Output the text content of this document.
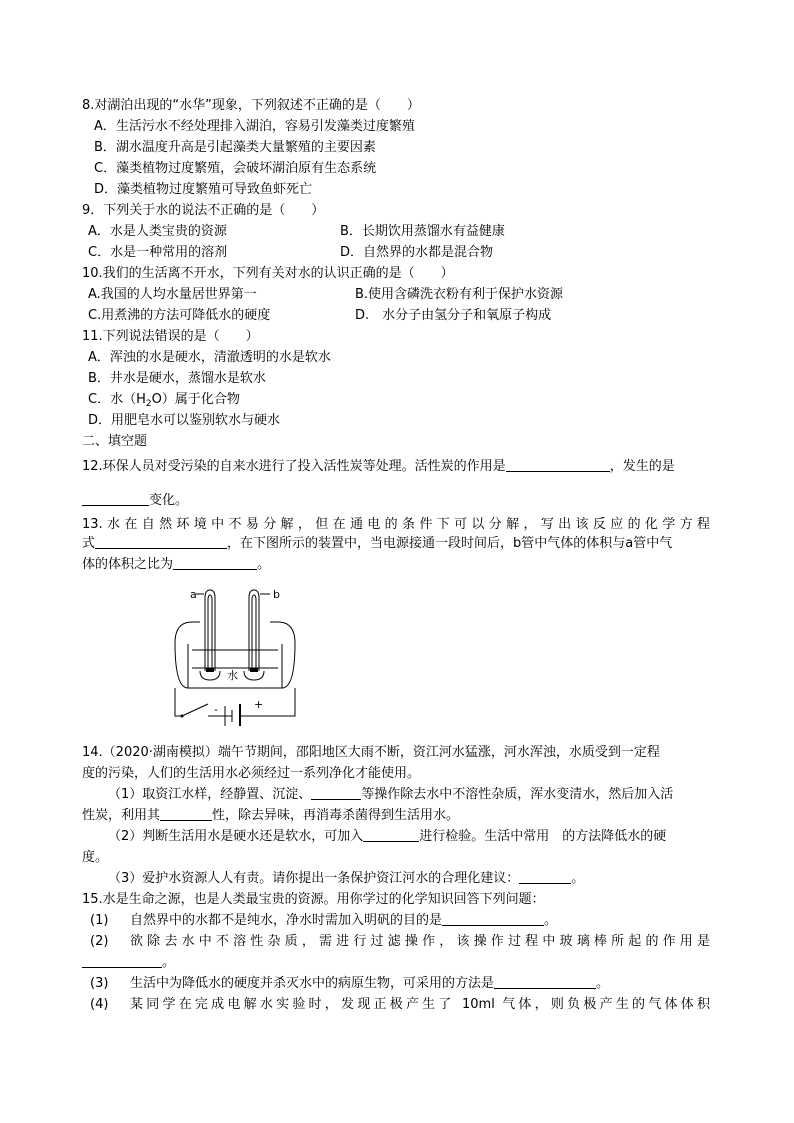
8.对湖泊出现的“水华”现象，下列叙述不正确的是（　　）
A．生活污水不经处理排入湖泊，容易引发藻类过度繁殖
B．湖水温度升高是引起藻类大量繁殖的主要因素
C．藻类植物过度繁殖，会破坏湖泊原有生态系统
D．藻类植物过度繁殖可导致鱼虾死亡
9．下列关于水的说法不正确的是（　　）
A．水是人类宝贵的资源	B．长期饮用蒸馏水有益健康
C．水是一种常用的溶剂	D．自然界的水都是混合物
10.我们的生活离不开水，下列有关对水的认识正确的是（　　）
A.我国的人均水量居世界第一	B.使用含磷洗衣粉有利于保护水资源
C.用煮沸的方法可降低水的硬度	D.　水分子由氢分子和氧原子构成
11.下列说法错误的是（　　）
A．浑浊的水是硬水，清澈透明的水是软水
B．井水是硬水，蒸馏水是软水
C．水$(H_2O)$属于化合物
D．用肥皂水可以鉴别软水与硬水
二、填空题
12.环保人员对受污染的自来水进行了投入活性炭等处理。活性炭的作用是	，发生的是
变化。
13.水在自然环境中不易分解，但在通电的条件下可以分解，写出该反应的化学方程
式	，在下图所示的装置中，当电源接通一段时间后，b管中气体的体积与a管中气
体的体积之比为	。
a	b
水
-	+
14.（2020·湖南模拟）端午节期间，邵阳地区大雨不断，资江河水猛涨，河水浑浊，水质受到一定程
度的污染，人们的生活用水必须经过一系列净化才能使用。
（1）取资江水样，经静置、沉淀、	等操作除去水中不溶性杂质，浑水变清水，然后加入活
性炭，利用其	性，除去异味，再消毒杀菌得到生活用水。
（2）判断生活用水是硬水还是软水，可加入	进行检验。生活中常用　的方法降低水的硬
度。
（3）爱护水资源人人有责。请你提出一条保护资江河水的合理化建议：	。
15.水是生命之源，也是人类最宝贵的资源。用你学过的化学知识回答下列问题：
(1) 自然界中的水都不是纯水，净水时需加入明矾的目的是	。
(2) 欲除去水中不溶性杂质，需进行过滤操作，该操作过程中玻璃棒所起的作用是
。
(3) 生活中为降低水的硬度并杀灭水中的病原生物，可采用的方法是	。
(4) 某同学在完成电解水实验时，发现正极产生了 10ml 气体，则负极产生的气体体积
